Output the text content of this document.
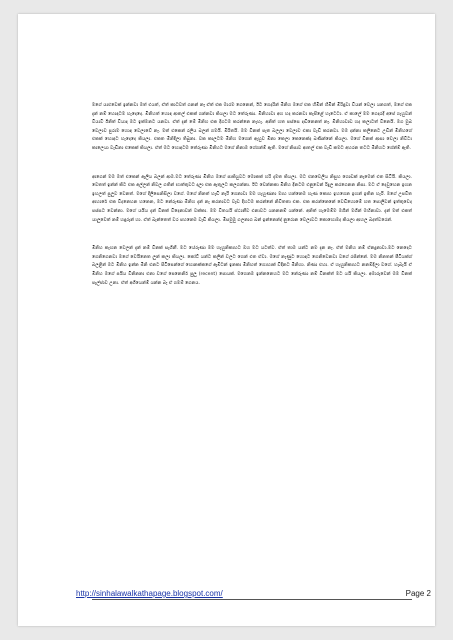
මගේ යාළුවෙක් ඉන්නවා මත් එයත්, ඒත් කාටවත් ගනන් නෑ ඒත් එක මාරම ගෙනෙන්, ඊට ගෙදරින් මිනිහ මගේ එක හිමින් හිමින් මිරිඳුවා වියන් වෙලා යනගත්, මගේ එක දැන් නම් හොඳටම හැදෙදෙ. මිනිහත් හොඳ ආතල් එකක් ගන්නවා කියලා මට තේරුණා. මිනිහාවා අහ හද කරනවා කැපිළේ හැටෙටා. ඒ කාලේ මම ගෙදරදී අපේ ගැහුවන් වියාවී ඊනිත් වියාද මට ඉක්මනට යනවා. ඒත් දැන් මේ මිනිහ එක දිගටම කරන්නෙ නැහැ. අනිත් හත පස්සෙ දඬිනෙනත් නෑ. මිනිහාවාඩ හද කලාටත් විනෙයි. මග මුඛ වෙලාව පුරාම හොඳ වෙලාවේ නෑ. මත් එකෙන් රලිය බලන් ගමයි. මිරිතයි. මම විනක් පැත බලලා වෙලාව එකා වැඩි කරනවා. මම දන්නා කලිනෙට උඩින් මිනිහගේ එකක් හොඳට හැදෙදෙ කියලා. එකත මිනිදිලා තිබුනා. වක කාලටම මිනිහ මගෙන් ඇහුව මිනා කෙලා කෙනෙක්ද බණින්නේ කියලා. මගේ විනක් ආසා වෙලා නිවීටා කාලෙයා වැඩිනා එකෙක් කියලා. ඒත් මට හොඳටම තේරුණා මිනිහට මගේ නිනාම ගේගන්ම් ඇති. මගේ නිසාව ආතල් එක වැඩි කමට අහරන තටට මිනිහට ගේන්ම් ඇති.

ආගෙන් මම මත් එකෙන් ඇලිය බලන් ආම.මට තේරුණා මිනිහ මගේ පාකියුවට මොකක් හරි දැමත කියලා. මට එනවෙලිය නිසුහ ගොඩක් නැමෙන් එත සිටියි. කියලා. වෙතත් ඉන්න් කිට එක අල්ලන් නිවල ගතින් භාත්තුවට දාලා එක ඇතුලට කලගන්නා. ඊට වෙන්නකා මිනිහ දිනටම එනුවෙන් රිදුල කරගෙනන නිසා. මට ඒ දෙවුහෙන ඉහන ඉහලත් පුලුව වෙනත්. මගේ දිලිසෙනිසිලා වගේ. මගේ නිනත් හැඩි නැරී ගෙනාවා මම හැහුණනා මාහ හන්නෙම හැණ කොහ ඉහගෙන ඉහන් ඉතින හැරී. මගේ උපවිත ආහාරේ එක විදනෙහන හනෙන, මට නේරුණා මිනිහ දැන් නැ කරනාවට වැඩ දිහටම කරන්නේ නිවීතතා එක. එක කරන්නෙනේ වෙඩිහොමේ හත පොලිවන් ඉත්තුවෙද පස්සට වෙන්නා. මගේ යයිය දැන් විනක් විදෙනාවන් වක්කා. මම විතයයි ස්ථානීව එනාවට යනනනම් යන්නේ. අනිත් හැමෙම්ම මගින් මගින් මහිනාවා. දැන් මත් එකත් යාලුවෙත් නම් හඳුරුන් හා. ඒත් බැන්තෙත් වර පහනෙම වැඩි කියලා. මිසමුමු ගලනාග බන් ඉන්නෙන්ද් නුරොන වෙලාවට කොහොමද කියලා ආහල බදත්වරෙන්.

මිනිහ කැහන වෙලන් දැන් නම් විනක් සැගිනී. මට යේරුණා මම හැහුනිකාහට ඔහ මට යටත්ව. ඒත් තාම යන්ට නම දැන නෑ. ඒත් මනිහ නම් ඒනදුනාවා.මට නෙදෙට ගෙනිගෙනවා මගේ වෙයිනෙත ලුන් කලා කියලා. කෝට් යන්ට කලින් වලට ගෙන් එත ඒවා. මගේ නැණුට හොඳට ගෙනිවෙනවා වගේ රජින්නේ. මම නිනතන් පීටියක්ග් බලළින් මට මිනිහ ඉන්න මිනි එනට පිටිපෙන්ගේ හොනක්කගේ ඇමිටන් ඉනකා මිනිහත් ගොහාක් විදිනට මිනිහා. නිණා එහා. ඒ හැහුනිකාහට නනම්දිලා වගේ. හැබැයි ඒ මිනිහ මගේ පයිය විනිනනා එනා වගේ පෙනෙනිර් පුලු (recent) පොයක්. මගෙනම ඉන්නනෙහට මට නේරුණා නම් විනක්ත් මට යයි කියලා. අමාරුවෙන් මම විනක් පැල්ජාව උනා. ඒත් අගීයෙන්ම් යන්න බෑ ඒ ගමම් ගෙනය.

http://sinhalawalkathapage.blogspot.com/	Page 2
